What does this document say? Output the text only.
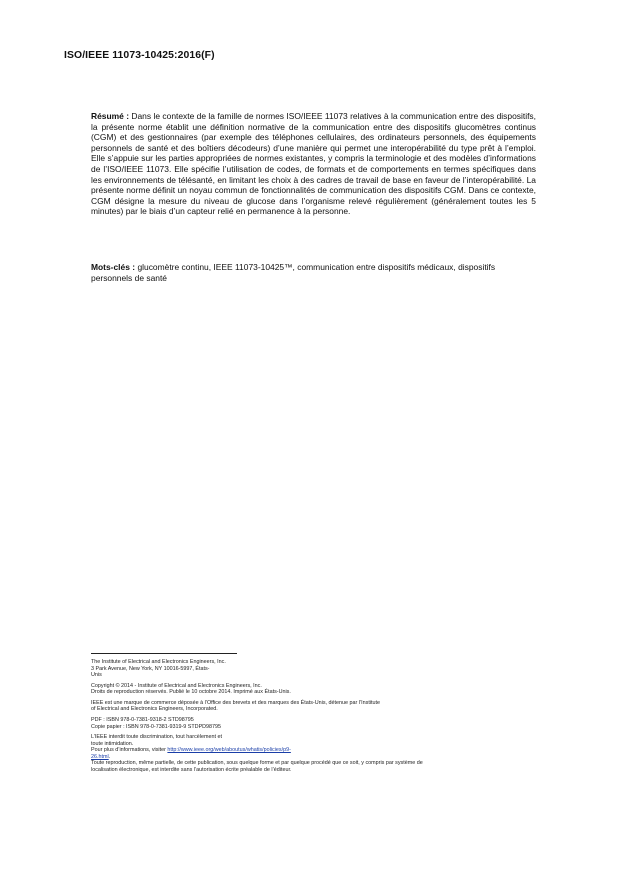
ISO/IEEE 11073-10425:2016(F)
Résumé : Dans le contexte de la famille de normes ISO/IEEE 11073 relatives à la communication entre des dispositifs, la présente norme établit une définition normative de la communication entre des dispositifs glucomètres continus (CGM) et des gestionnaires (par exemple des téléphones cellulaires, des ordinateurs personnels, des équipements personnels de santé et des boîtiers décodeurs) d’une manière qui permet une interopérabilité du type prêt à l’emploi. Elle s’appuie sur les parties appropriées de normes existantes, y compris la terminologie et des modèles d’informations de l’ISO/IEEE 11073. Elle spécifie l’utilisation de codes, de formats et de comportements en termes spécifiques dans les environnements de télésanté, en limitant les choix à des cadres de travail de base en faveur de l’interopérabilité. La présente norme définit un noyau commun de fonctionnalités de communication des dispositifs CGM. Dans ce contexte, CGM désigne la mesure du niveau de glucose dans l’organisme relevé régulièrement (généralement toutes les 5 minutes) par le biais d’un capteur relié en permanence à la personne.
Mots-clés : glucomètre continu, IEEE 11073-10425™, communication entre dispositifs médicaux, dispositifs personnels de santé
The Institute of Electrical and Electronics Engineers, Inc.
3 Park Avenue, New York, NY 10016-5997, États-
Unis
Copyright © 2014 - Institute of Electrical and Electronics Engineers, Inc.
Droits de reproduction réservés. Publié le 10 octobre 2014. Imprimé aux États-Unis.
IEEE est une marque de commerce déposée à l’Office des brevets et des marques des États-Unis, détenue par l’Institute
of Electrical and Electronics Engineers, Incorporated.
PDF : ISBN 978-0-7381-9318-2 STD98795
Copie papier : ISBN 978-0-7381-9319-9 STDPD98795
L’IEEE interdit toute discrimination, tout harcèlement et
toute intimidation.
Pour plus d’informations, visiter http://www.ieee.org/web/aboutus/whatis/policies/p9-
26.html.
Toute reproduction, même partielle, de cette publication, sous quelque forme et par quelque procédé que ce soit, y compris par système de
localisation électronique, est interdite sans l’autorisation écrite préalable de l’éditeur.
